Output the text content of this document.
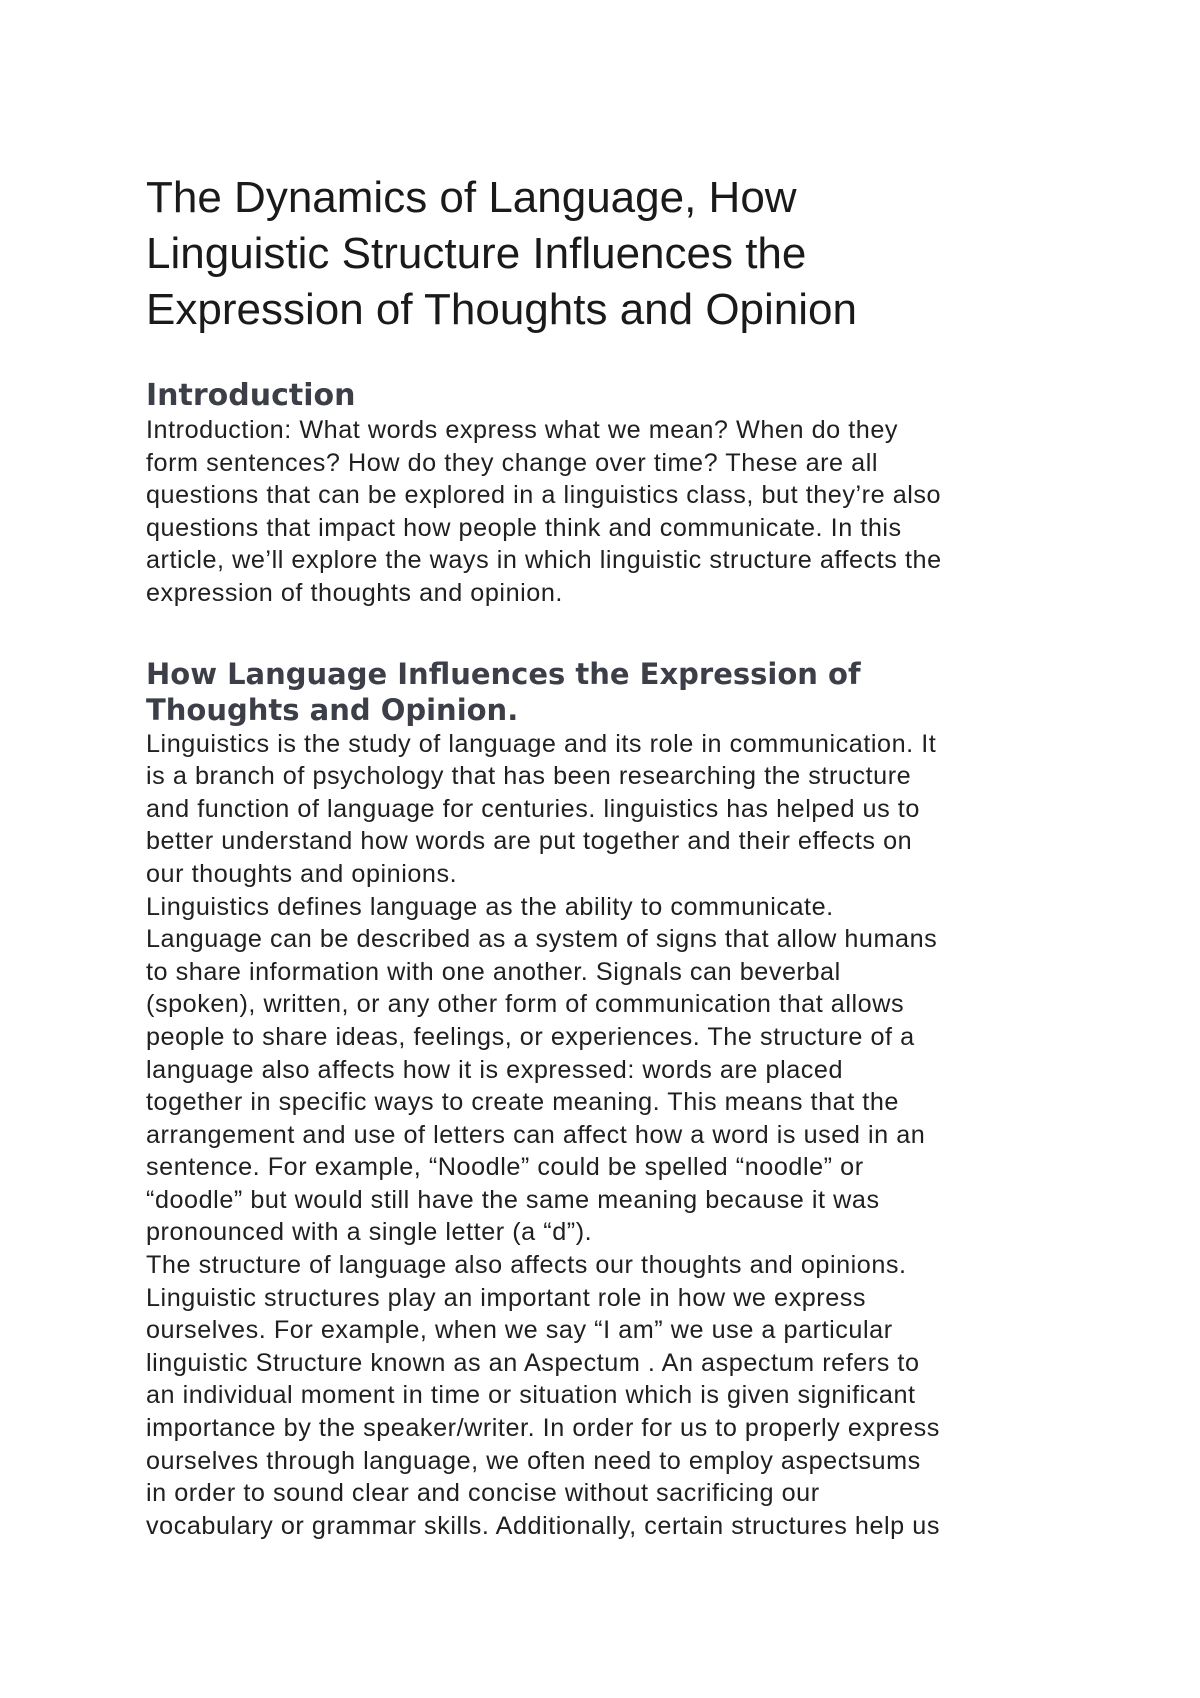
The Dynamics of Language, How
Linguistic Structure Influences the
Expression of Thoughts and Opinion
Introduction

Introduction: What words express what we mean? When do they
form sentences? How do they change over time? These are all
questions that can be explored in a linguistics class, but they’re also
questions that impact how people think and communicate. In this
article, we’ll explore the ways in which linguistic structure affects the
expression of thoughts and opinion.

How Language Influences the Expression of
Thoughts and Opinion.

Linguistics is the study of language and its role in communication. It
is a branch of psychology that has been researching the structure
and function of language for centuries. linguistics has helped us to
better understand how words are put together and their effects on
our thoughts and opinions.

Linguistics defines language as the ability to communicate.
Language can be described as a system of signs that allow humans
to share information with one another. Signals can beverbal
(spoken), written, or any other form of communication that allows
people to share ideas, feelings, or experiences. The structure of a
language also affects how it is expressed: words are placed
together in specific ways to create meaning. This means that the
arrangement and use of letters can affect how a word is used in an
sentence. For example, “Noodle” could be spelled “noodle” or
“doodle” but would still have the same meaning because it was
pronounced with a single letter (a “d”).

The structure of language also affects our thoughts and opinions.
Linguistic structures play an important role in how we express
ourselves. For example, when we say “I am” we use a particular
linguistic Structure known as an Aspectum . An aspectum refers to
an individual moment in time or situation which is given significant
importance by the speaker/writer. In order for us to properly express
ourselves through language, we often need to employ aspectsums
in order to sound clear and concise without sacrificing our
vocabulary or grammar skills. Additionally, certain structures help us
